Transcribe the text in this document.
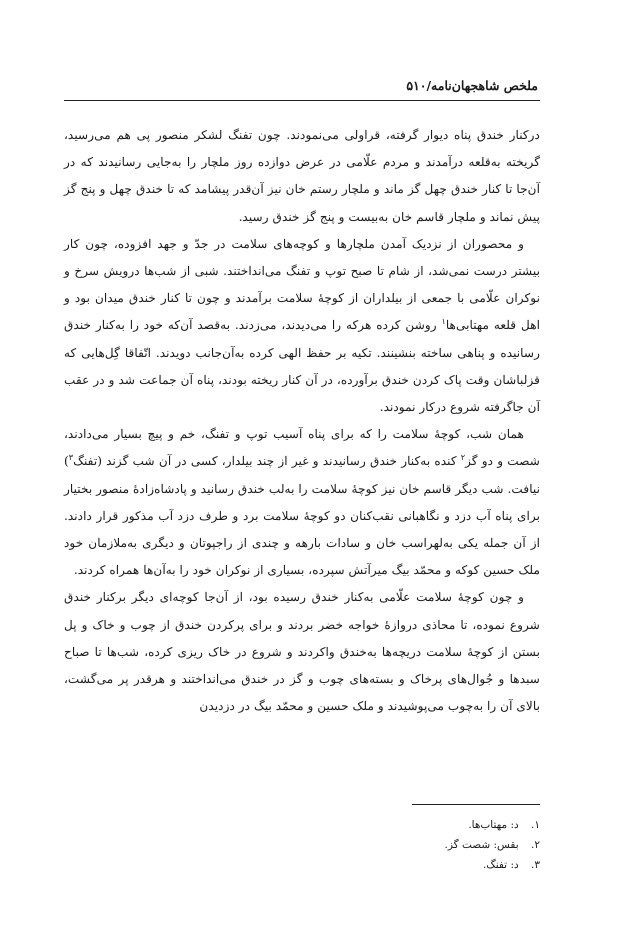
ملخص شاهجهان‌نامه/۵۱۰

درکنار خندق پناه دیوار گرفته، قراولی می‌نمودند. چون تفنگ لشکر منصور پی هم می‌رسید، گریخته به‌قلعه درآمدند و مردم علّامی در عرض دوازده روز ملچار را به‌جایی رسانیدند که در آن‌جا تا کنار خندق چهل گز ماند و ملچار رستم خان نیز آن‌قدر پیشامد که تا خندق چهل و پنج گز پیش نماند و ملچار قاسم خان به‌بیست و پنج گز خندق رسید.

و محصوران از نزدیک آمدن ملچارها و کوچه‌های سلامت در جدّ و جهد افزوده، چون کار بیشتر درست نمی‌شد، از شام تا صبح توپ و تفنگ می‌انداختند. شبی از شب‌ها درویش سرخ و نوکران علّامی با جمعی از بیلداران از کوچهٔ سلامت برآمدند و چون تا کنار خندق میدان بود و اهل قلعه مهتابی‌ها$^۱$ روشن کرده هرکه را می‌دیدند، می‌زدند. به‌قصد آن‌که خود را به‌کنار خندق رسانیده و پناهی ساخته بنشینند. تکیه بر حفظ الهی کرده به‌آن‌جانب دویدند. اتّفاقا گِل‌هایی که قزلباشان وقت پاک کردن خندق برآورده، در آن کنار ریخته بودند، پناه آن جماعت شد و در عقب آن جاگرفته شروع درکار نمودند.

همان شب، کوچهٔ سلامت را که برای پناه آسیب توپ و تفنگ، خم و پیچ بسیار می‌دادند، شصت و دو گز$^۲$ کنده به‌کنار خندق رسانیدند و غیر از چند بیلدار، کسی در آن شب گزند (تفنگ$^۳$) نیافت. شب دیگر قاسم خان نیز کوچهٔ سلامت را به‌لب خندق رسانید و پادشاه‌زادهٔ منصور بختیار برای پناه آب دزد و نگاهبانی نقب‌کنان دو کوچهٔ سلامت برد و طرف دزد آب مذکور قرار دادند. از آن جمله یکی به‌لهراسب خان و سادات بارهه و چندی از راجپوتان و دیگری به‌ملازمان خود ملک حسین کوکه و محمّد بیگ میرآتش سپرده، بسیاری از نوکران خود را به‌آن‌ها همراه کردند.

و چون کوچهٔ سلامت علّامی به‌کنار خندق رسیده بود، از آن‌جا کوچه‌ای دیگر برکنار خندق شروع نموده، تا محاذی دروازهٔ خواجه خضر بردند و برای پرکردن خندق از چوب و خاک و پل بستن از کوچهٔ سلامت دریچه‌ها به‌خندق واکردند و شروع در خاک ریزی کرده، شب‌ها تا صباح سبدها و جُوال‌های پرخاک و بسته‌های چوب و گز در خندق می‌انداختند و هرقدر پر می‌گشت، بالای آن را به‌چوب می‌پوشیدند و ملک حسین و محمّد بیگ در دزدیدن

۱. د: مهتاب‌ها.
۲. بقس: شصت گز.
۳. د: تفنگ.
